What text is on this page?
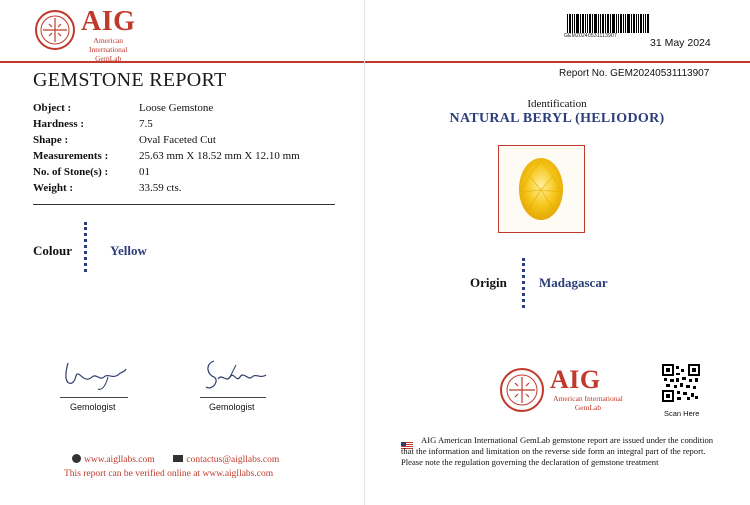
AIG
American International
GemLab
GEM20240531113907
31 May 2024
GEMSTONE REPORT
Object :	Loose Gemstone
Hardness :	7.5
Shape :	Oval Faceted Cut
Measurements :	25.63 mm X 18.52 mm X 12.10 mm
No. of Stone(s) :	01
Weight :	33.59 cts.
Colour	Yellow
Gemologist	Gemologist
www.aigllabs.com	contactus@aigllabs.com
This report can be verified online at www.aigllabs.com
Report No. GEM20240531113907
Identification
NATURAL BERYL (HELIODOR)
Origin Madagascar
AIG
American International
GemLab
Scan Here
AIG American International GemLab gemstone report are issued under the condition that the information and limitation on the reverse side form an integral part of the report. Please note the regulation governing the declaration of gemstone treatment
